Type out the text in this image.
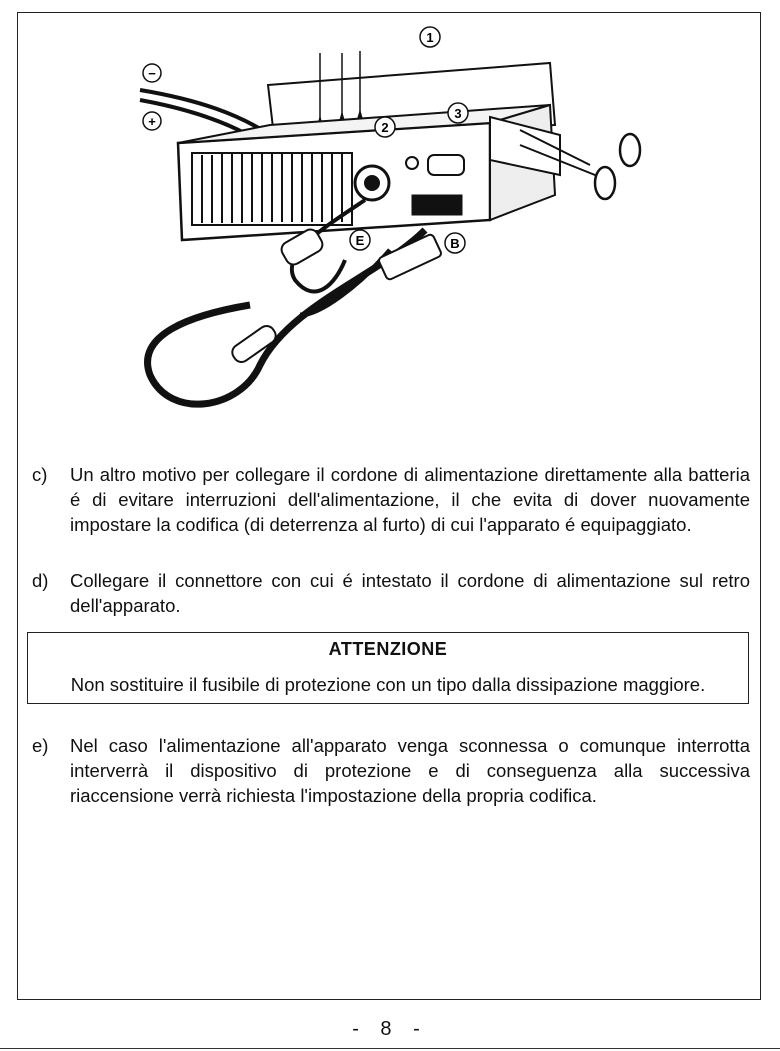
−
+
1
2
3
E	B
c) Un altro motivo per collegare il cordone di alimentazione direttamente alla batteria é di evitare interruzioni dell'alimentazione, il che evita di dover nuovamente impostare la codifica (di deterrenza al furto) di cui l'apparato é equipaggiato.
d) Collegare il connettore con cui é intestato il cordone di alimentazione sul retro dell'apparato.
ATTENZIONE
Non sostituire il fusibile di protezione con un tipo dalla dissipazione maggiore.
e) Nel caso l'alimentazione all'apparato venga sconnessa o comunque interrotta interverrà il dispositivo di protezione e di conseguenza alla successiva riaccensione verrà richiesta l'impostazione della propria codifica.
- 8 -
